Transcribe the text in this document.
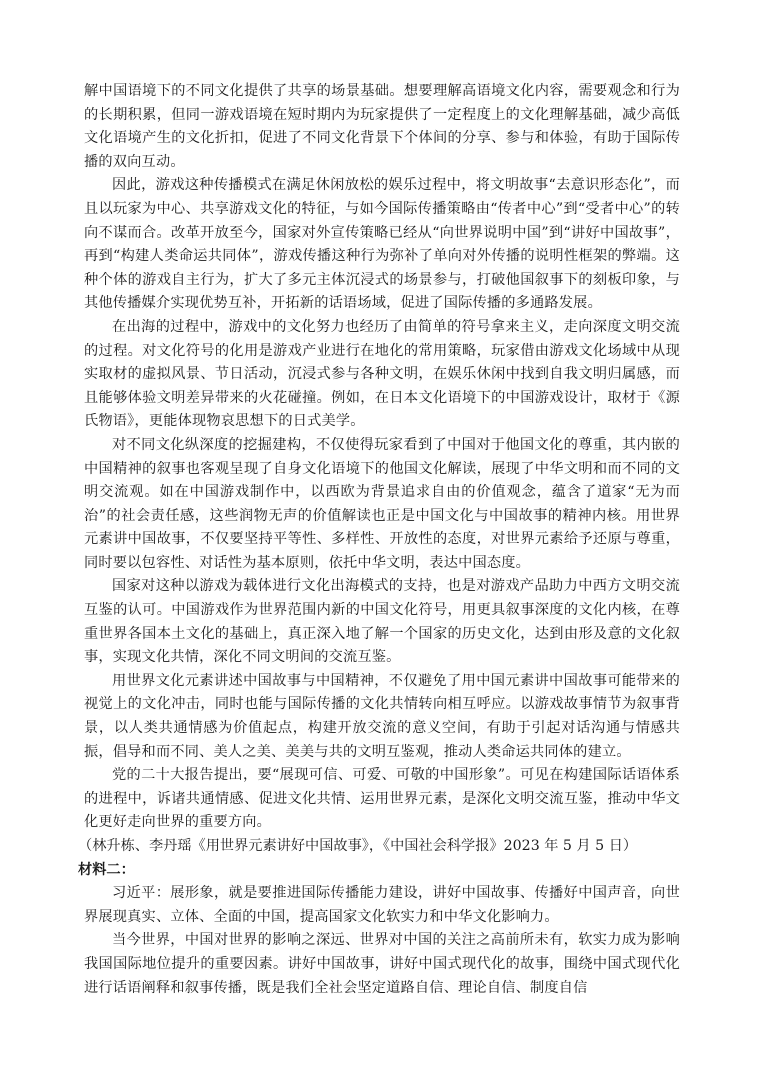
解中国语境下的不同文化提供了共享的场景基础。想要理解高语境文化内容，需要观念和行为的长期积累，但同一游戏语境在短时期内为玩家提供了一定程度上的文化理解基础，减少高低文化语境产生的文化折扣，促进了不同文化背景下个体间的分享、参与和体验，有助于国际传播的双向互动。

因此，游戏这种传播模式在满足休闲放松的娱乐过程中，将文明故事“去意识形态化”，而且以玩家为中心、共享游戏文化的特征，与如今国际传播策略由“传者中心”到“受者中心”的转向不谋而合。改革开放至今，国家对外宣传策略已经从“向世界说明中国”到“讲好中国故事”，再到“构建人类命运共同体”，游戏传播这种行为弥补了单向对外传播的说明性框架的弊端。这种个体的游戏自主行为，扩大了多元主体沉浸式的场景参与，打破他国叙事下的刻板印象，与其他传播媒介实现优势互补，开拓新的话语场域，促进了国际传播的多通路发展。

在出海的过程中，游戏中的文化努力也经历了由简单的符号拿来主义，走向深度文明交流的过程。对文化符号的化用是游戏产业进行在地化的常用策略，玩家借由游戏文化场域中从现实取材的虚拟风景、节日活动，沉浸式参与各种文明，在娱乐休闲中找到自我文明归属感，而且能够体验文明差异带来的火花碰撞。例如，在日本文化语境下的中国游戏设计，取材于《源氏物语》，更能体现物哀思想下的日式美学。

对不同文化纵深度的挖掘建构，不仅使得玩家看到了中国对于他国文化的尊重，其内嵌的中国精神的叙事也客观呈现了自身文化语境下的他国文化解读，展现了中华文明和而不同的文明交流观。如在中国游戏制作中，以西欧为背景追求自由的价值观念，蕴含了道家“无为而治”的社会责任感，这些润物无声的价值解读也正是中国文化与中国故事的精神内核。用世界元素讲中国故事，不仅要坚持平等性、多样性、开放性的态度，对世界元素给予还原与尊重，同时要以包容性、对话性为基本原则，依托中华文明，表达中国态度。

国家对这种以游戏为载体进行文化出海模式的支持，也是对游戏产品助力中西方文明交流互鉴的认可。中国游戏作为世界范围内新的中国文化符号，用更具叙事深度的文化内核，在尊重世界各国本土文化的基础上，真正深入地了解一个国家的历史文化，达到由形及意的文化叙事，实现文化共情，深化不同文明间的交流互鉴。

用世界文化元素讲述中国故事与中国精神，不仅避免了用中国元素讲中国故事可能带来的视觉上的文化冲击，同时也能与国际传播的文化共情转向相互呼应。以游戏故事情节为叙事背景，以人类共通情感为价值起点，构建开放交流的意义空间，有助于引起对话沟通与情感共振，倡导和而不同、美人之美、美美与共的文明互鉴观，推动人类命运共同体的建立。

党的二十大报告提出，要“展现可信、可爱、可敬的中国形象”。可见在构建国际话语体系的进程中，诉诸共通情感、促进文化共情、运用世界元素，是深化文明交流互鉴，推动中华文化更好走向世界的重要方向。

（林升栋、李丹瑶《用世界元素讲好中国故事》，《中国社会科学报》2023 年 5 月 5 日）

材料二：

习近平：展形象，就是要推进国际传播能力建设，讲好中国故事、传播好中国声音，向世界展现真实、立体、全面的中国，提高国家文化软实力和中华文化影响力。

当今世界，中国对世界的影响之深远、世界对中国的关注之高前所未有，软实力成为影响我国国际地位提升的重要因素。讲好中国故事，讲好中国式现代化的故事，围绕中国式现代化进行话语阐释和叙事传播，既是我们全社会坚定道路自信、理论自信、制度自信
